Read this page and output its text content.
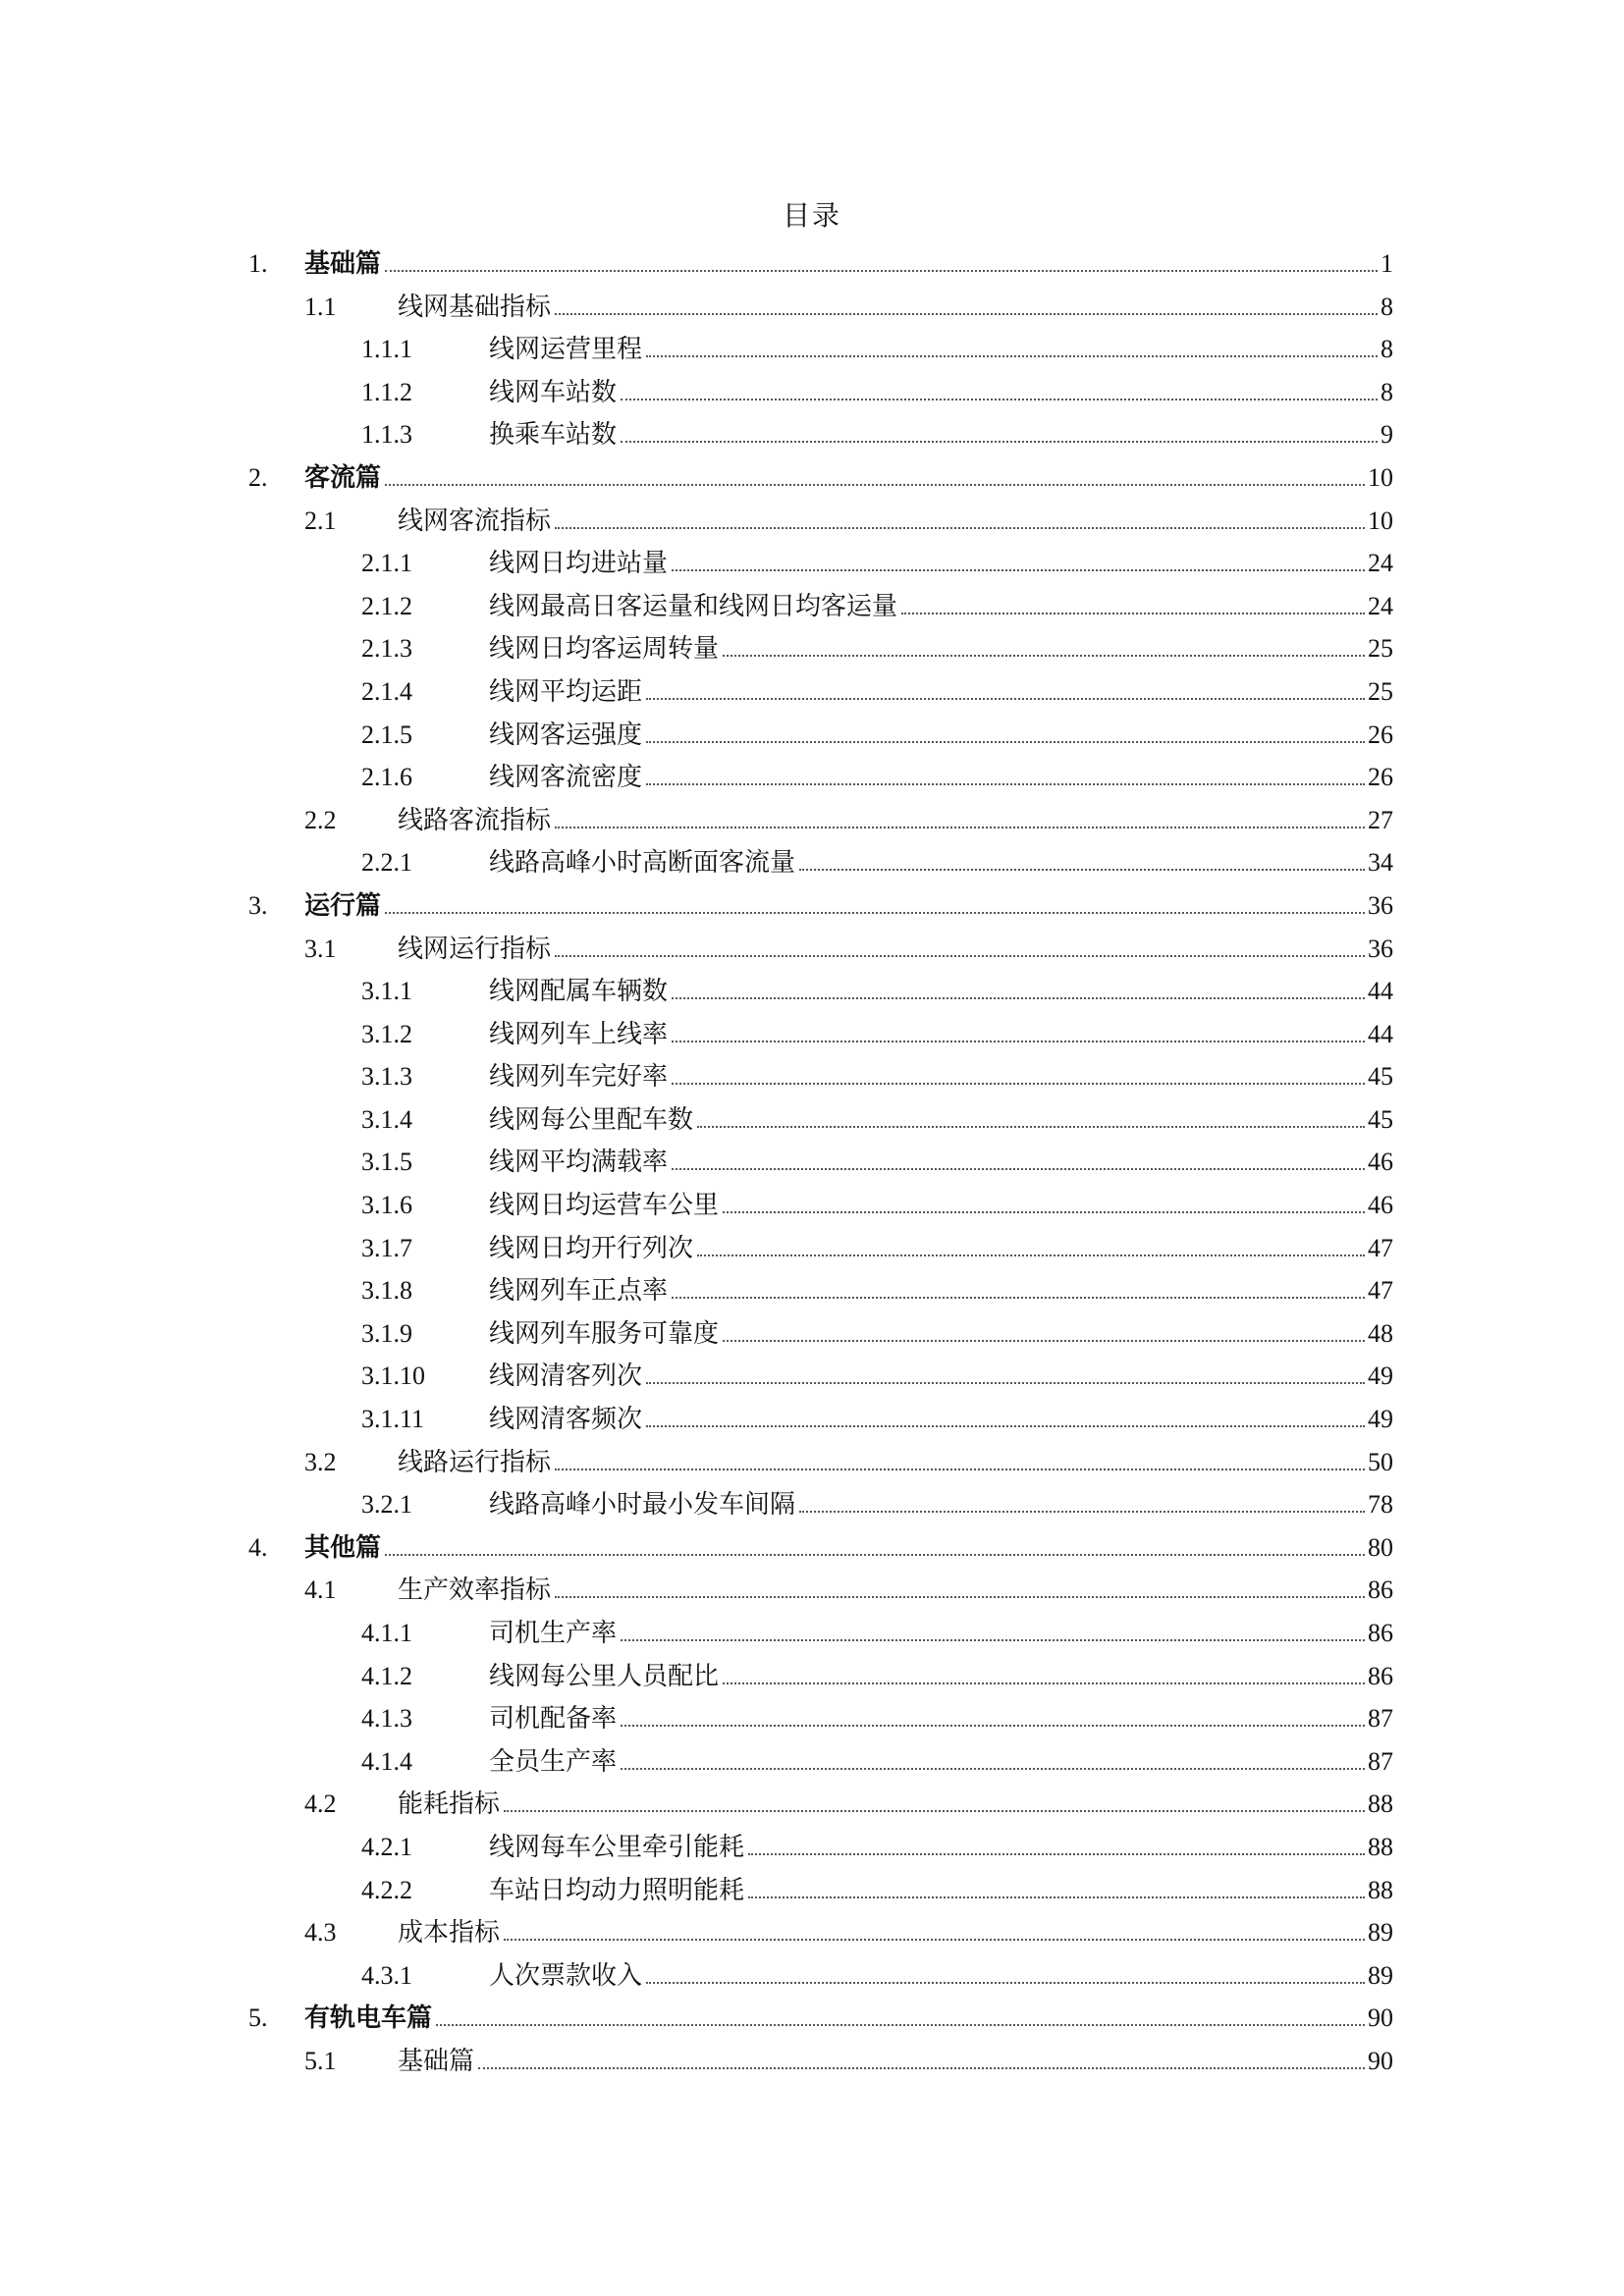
目录
1. 基础篇	1
1.1 线网基础指标	8
1.1.1	线网运营里程	8
1.1.2	线网车站数	8
1.1.3	换乘车站数	9
2. 客流篇	10
2.1 线网客流指标	10
2.1.1	线网日均进站量	24
2.1.2	线网最高日客运量和线网日均客运量	24
2.1.3	线网日均客运周转量	25
2.1.4	线网平均运距	25
2.1.5	线网客运强度	26
2.1.6	线网客流密度	26
2.2 线路客流指标	27
2.2.1	线路高峰小时高断面客流量	34
3. 运行篇	36
3.1 线网运行指标	36
3.1.1	线网配属车辆数	44
3.1.2	线网列车上线率	44
3.1.3	线网列车完好率	45
3.1.4	线网每公里配车数	45
3.1.5	线网平均满载率	46
3.1.6	线网日均运营车公里	46
3.1.7	线网日均开行列次	47
3.1.8	线网列车正点率	47
3.1.9	线网列车服务可靠度	48
3.1.10	线网清客列次	49
3.1.11	线网清客频次	49
3.2 线路运行指标	50
3.2.1	线路高峰小时最小发车间隔	78
4. 其他篇	80
4.1 生产效率指标	86
4.1.1	司机生产率	86
4.1.2	线网每公里人员配比	86
4.1.3	司机配备率	87
4.1.4	全员生产率	87
4.2 能耗指标	88
4.2.1	线网每车公里牵引能耗	88
4.2.2	车站日均动力照明能耗	88
4.3 成本指标	89
4.3.1	人次票款收入	89
5. 有轨电车篇	90
5.1 基础篇	90
